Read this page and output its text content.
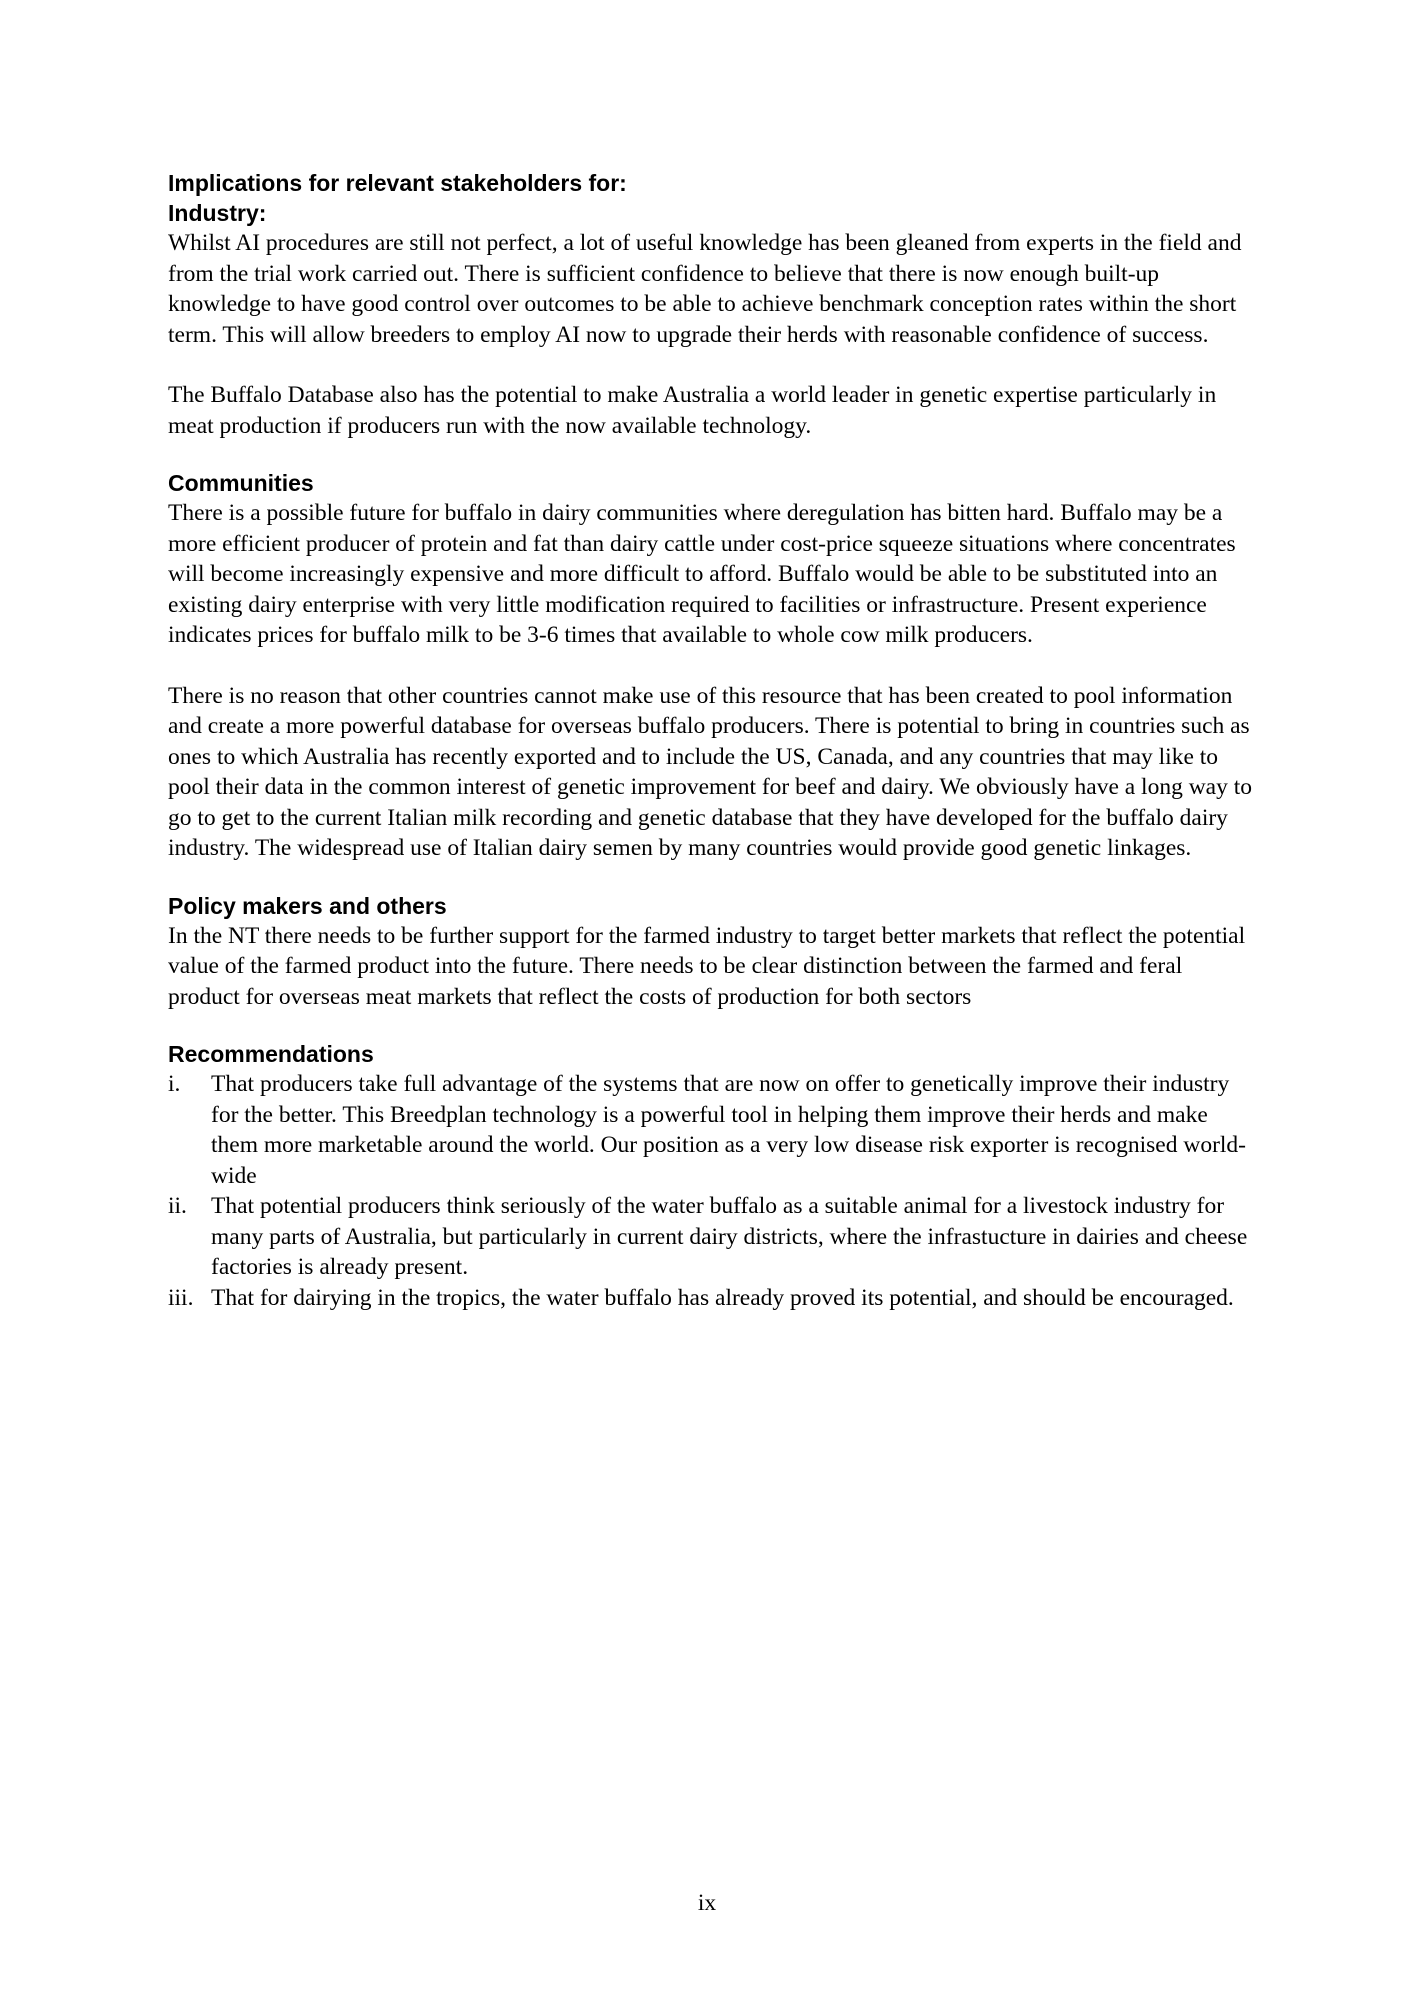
Implications for relevant stakeholders for:
Industry:

Whilst AI procedures are still not perfect, a lot of useful knowledge has been gleaned from experts in the field and from the trial work carried out. There is sufficient confidence to believe that there is now enough built-up knowledge to have good control over outcomes to be able to achieve benchmark conception rates within the short term. This will allow breeders to employ AI now to upgrade their herds with reasonable confidence of success.

The Buffalo Database also has the potential to make Australia a world leader in genetic expertise particularly in meat production if producers run with the now available technology.

Communities

There is a possible future for buffalo in dairy communities where deregulation has bitten hard. Buffalo may be a more efficient producer of protein and fat than dairy cattle under cost-price squeeze situations where concentrates will become increasingly expensive and more difficult to afford. Buffalo would be able to be substituted into an existing dairy enterprise with very little modification required to facilities or infrastructure. Present experience indicates prices for buffalo milk to be 3-6 times that available to whole cow milk producers.

There is no reason that other countries cannot make use of this resource that has been created to pool information and create a more powerful database for overseas buffalo producers. There is potential to bring in countries such as ones to which Australia has recently exported and to include the US, Canada, and any countries that may like to pool their data in the common interest of genetic improvement for beef and dairy. We obviously have a long way to go to get to the current Italian milk recording and genetic database that they have developed for the buffalo dairy industry. The widespread use of Italian dairy semen by many countries would provide good genetic linkages.

Policy makers and others

In the NT there needs to be further support for the farmed industry to target better markets that reflect the potential value of the farmed product into the future. There needs to be clear distinction between the farmed and feral product for overseas meat markets that reflect the costs of production for both sectors

Recommendations
i. That producers take full advantage of the systems that are now on offer to genetically improve their industry for the better. This Breedplan technology is a powerful tool in helping them improve their herds and make them more marketable around the world. Our position as a very low disease risk exporter is recognised world-wide
ii. That potential producers think seriously of the water buffalo as a suitable animal for a livestock industry for many parts of Australia, but particularly in current dairy districts, where the infrastucture in dairies and cheese factories is already present.
iii. That for dairying in the tropics, the water buffalo has already proved its potential, and should be encouraged.
ix
